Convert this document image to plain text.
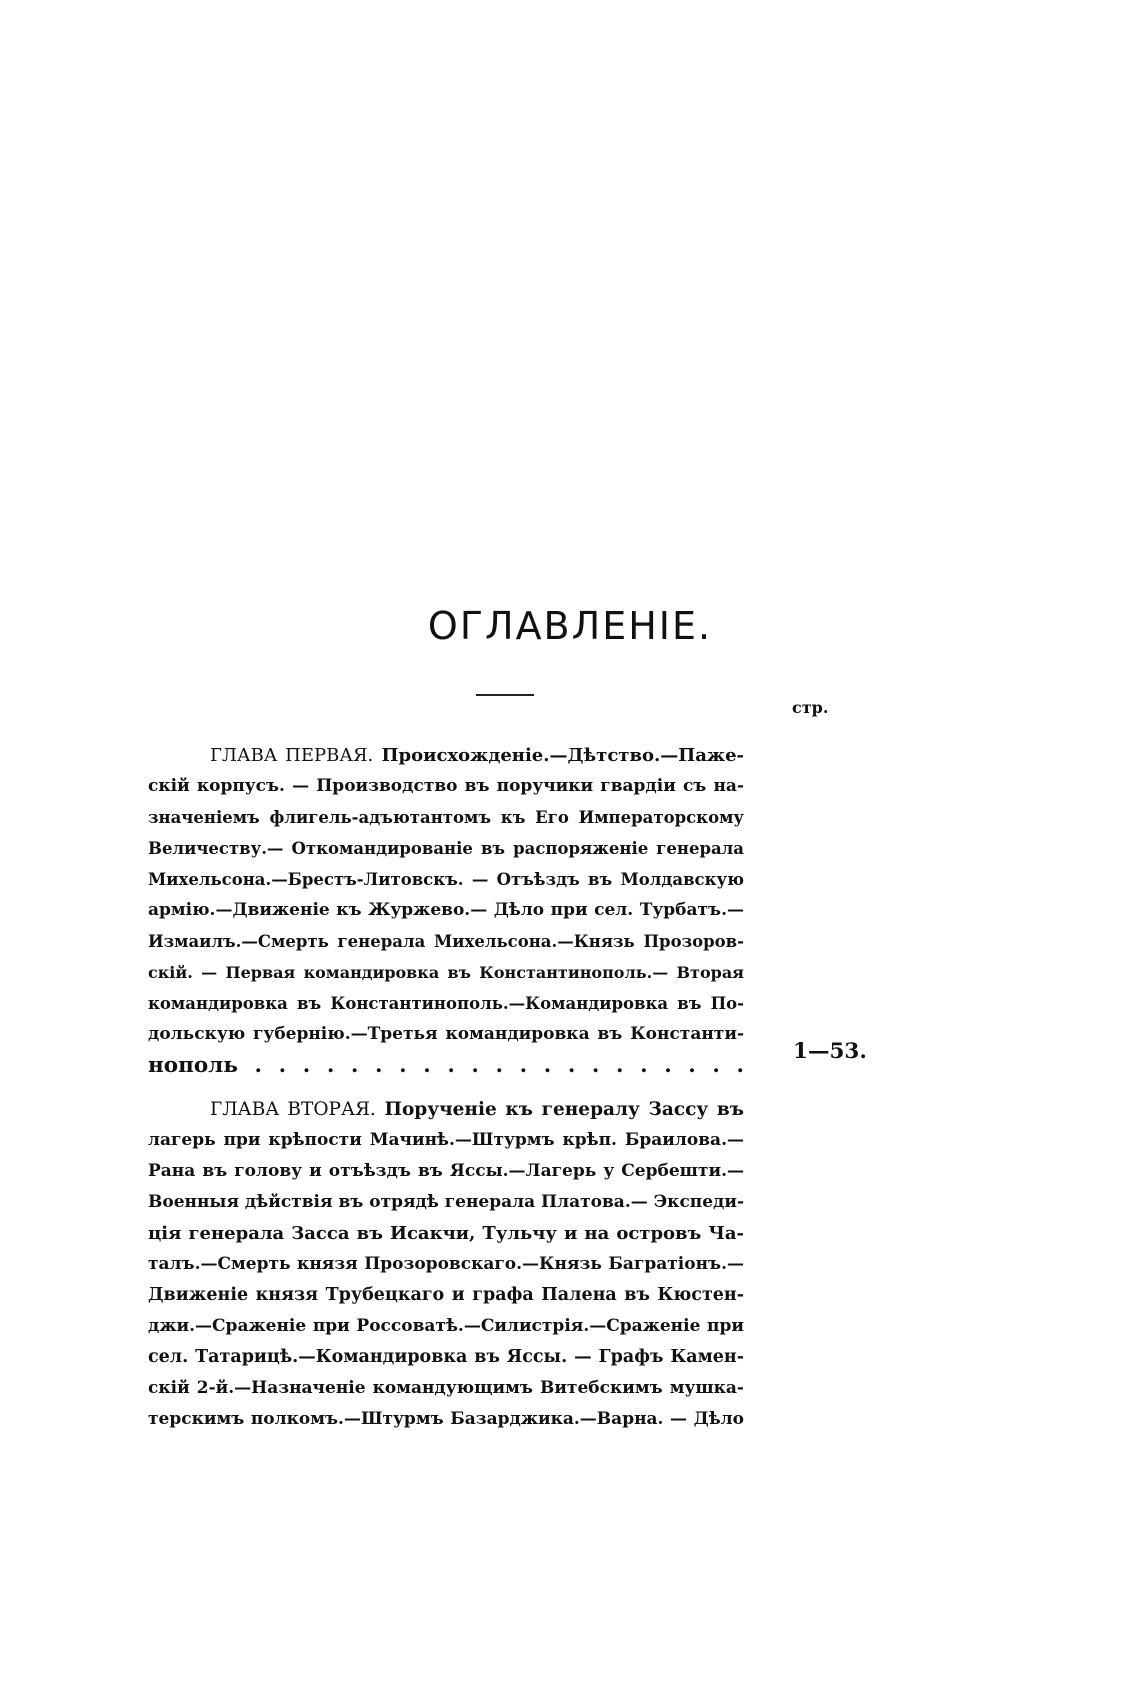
ОГЛАВЛЕНІЕ.
стр.
ГЛАВА ПЕРВАЯ. Происхожденіе.—Дѣтство.—Паже-
скій корпусъ. — Производство въ поручики гвардіи съ на-
значеніемъ флигель-адъютантомъ къ Его Императорскому
Величеству.— Откомандированіе въ распоряженіе генерала
Михельсона.—Брестъ-Литовскъ. — Отъѣздъ въ Молдавскую
армію.—Движеніе къ Журжево.— Дѣло при сел. Турбатъ.—
Измаилъ.—Смерть генерала Михельсона.—Князь Прозоров-
скій. — Первая командировка въ Константинополь.— Вторая
командировка въ Константинополь.—Командировка въ По-
дольскую губернію.—Третья командировка въ Константи-
нополь . . . . . . . . . . . . . . . . . . . . .
1—53.
ГЛАВА ВТОРАЯ. Порученіе къ генералу Зассу въ
лагерь при крѣпости Мачинѣ.—Штурмъ крѣп. Браилова.—
Рана въ голову и отъѣздъ въ Яссы.—Лагерь у Сербешти.—
Военныя дѣйствія въ отрядѣ генерала Платова.— Экспеди-
ція генерала Засса въ Исакчи, Тульчу и на островъ Ча-
талъ.—Смерть князя Прозоровскаго.—Князь Багратіонъ.—
Движеніе князя Трубецкаго и графа Палена въ Кюстен-
джи.—Сраженіе при Россоватѣ.—Силистрія.—Сраженіе при
сел. Татарицѣ.—Командировка въ Яссы. — Графъ Камен-
скій 2-й.—Назначеніе командующимъ Витебскимъ мушка-
терскимъ полкомъ.—Штурмъ Базарджика.—Варна. — Дѣло
